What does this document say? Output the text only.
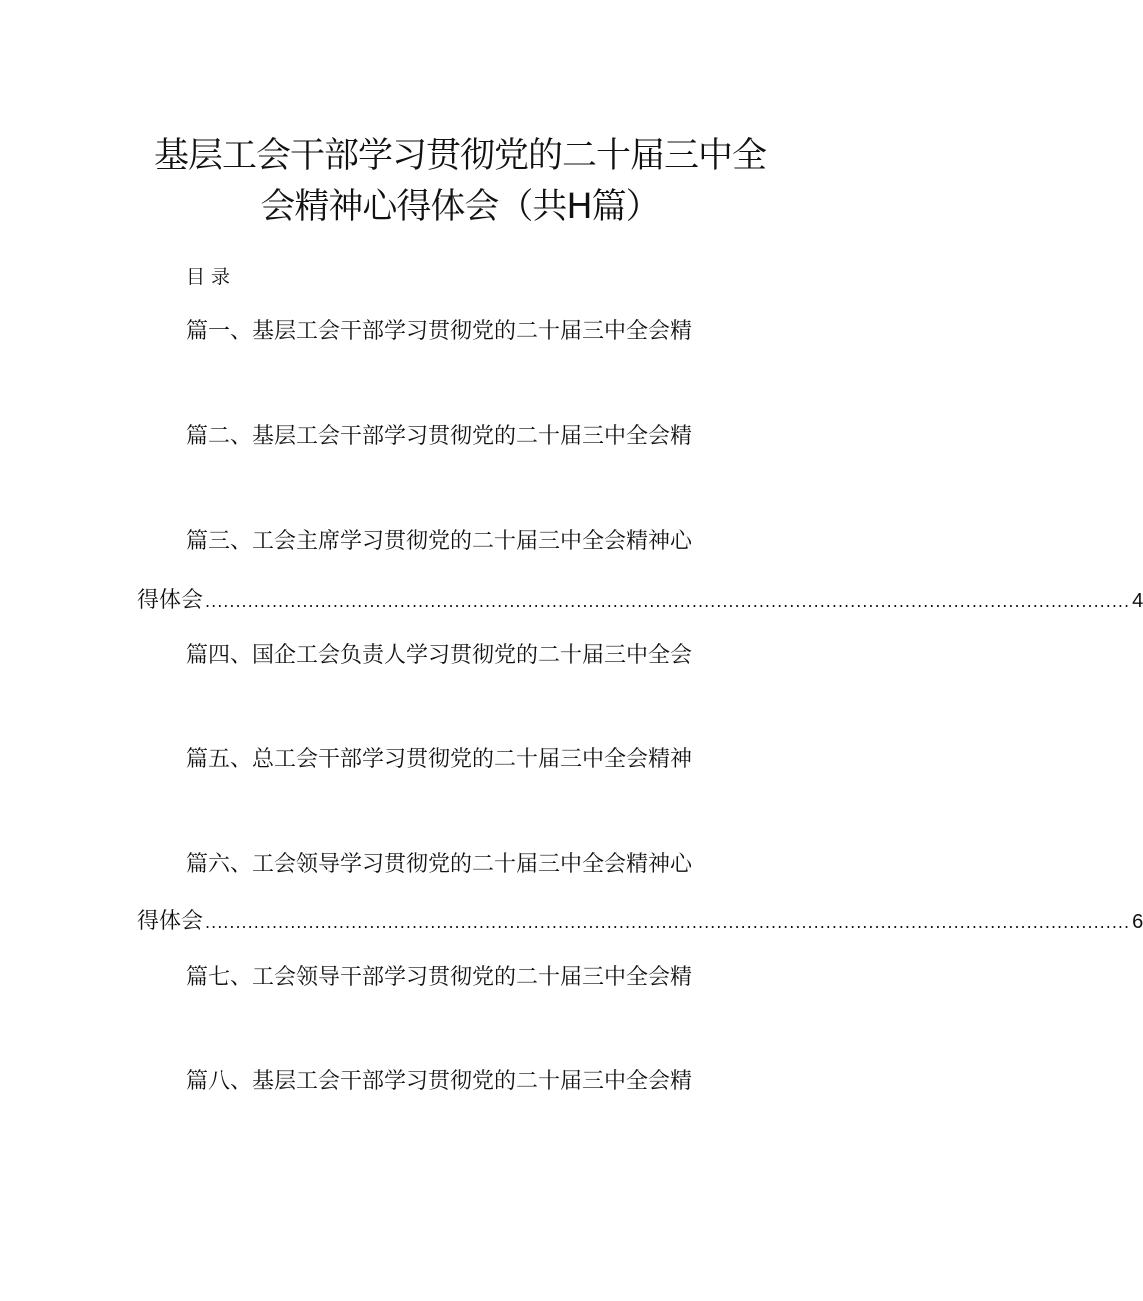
基层工会干部学习贯彻党的二十届三中全
会精神心得体会（共H篇）
目录
篇一、基层工会干部学习贯彻党的二十届三中全会精
篇二、基层工会干部学习贯彻党的二十届三中全会精
篇三、工会主席学习贯彻党的二十届三中全会精神心
得体会 ........................................................................................................................................................ 4
篇四、国企工会负责人学习贯彻党的二十届三中全会
篇五、总工会干部学习贯彻党的二十届三中全会精神
篇六、工会领导学习贯彻党的二十届三中全会精神心
得体会 ........................................................................................................................................................ 6
篇七、工会领导干部学习贯彻党的二十届三中全会精
篇八、基层工会干部学习贯彻党的二十届三中全会精
